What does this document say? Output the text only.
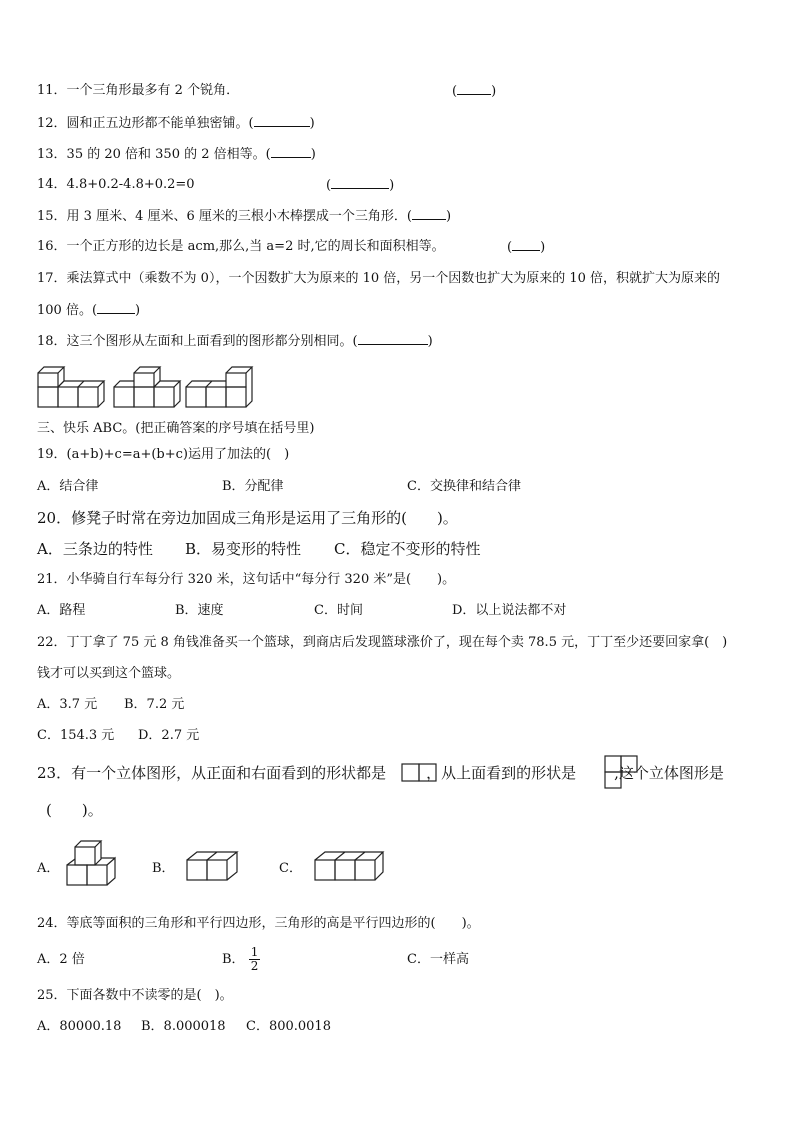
11．一个三角形最多有 2 个锐角．	(	)
12．圆和正五边形都不能单独密铺。(	)
13．35 的 20 倍和 350 的 2 倍相等。(	)
14．4.8+0.2-4.8+0.2=0	(	)
15．用 3 厘米、4 厘米、6 厘米的三根小木棒摆成一个三角形．(	)
16．一个正方形的边长是 acm,那么,当 a=2 时,它的周长和面积相等。	( )
17．乘法算式中（乘数不为 0），一个因数扩大为原来的 10 倍，另一个因数也扩大为原来的 10 倍，积就扩大为原来的
100 倍。(	)
18．这三个图形从左面和上面看到的图形都分别相同。(	)
三、快乐 ABC。(把正确答案的序号填在括号里)
19．(a+b)+c=a+(b+c)运用了加法的(　)
A．结合律	B．分配律	C．交换律和结合律
20．修凳子时常在旁边加固成三角形是运用了三角形的(　　)。
A．三条边的特性 B．易变形的特性 C．稳定不变形的特性
21．小华骑自行车每分行 320 米，这句话中“每分行 320 米”是(　　)。
A．路程	B．速度	C．时间	D．以上说法都不对
22．丁丁拿了 75 元 8 角钱准备买一个篮球，到商店后发现篮球涨价了，现在每个卖 78.5 元，丁丁至少还要回家拿(　)
钱才可以买到这个篮球。
A．3.7 元 B．7.2 元
C．154.3 元 D．2.7 元
23．有一个立体图形，从正面和右面看到的形状都是	，从上面看到的形状是	,这个立体图形是
(　　)。
A．	B．	C．
24．等底等面积的三角形和平行四边形，三角形的高是平行四边形的(　　)。
A．2 倍	B． $\frac{1}{2}$	C．一样高
25．下面各数中不读零的是(　)。
A．80000.18 B．8.000018 C．800.0018
